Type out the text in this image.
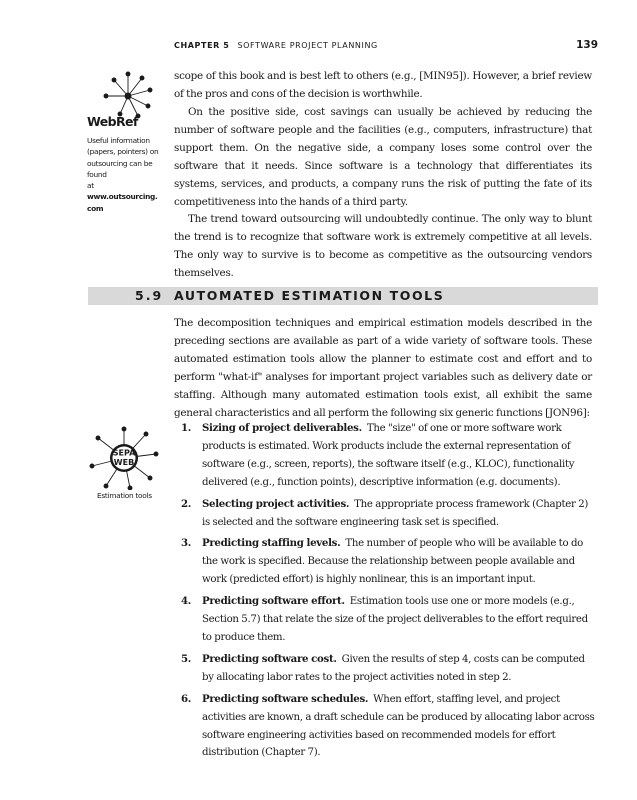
CHAPTER 5 SOFTWARE PROJECT PLANNING	139
WebRef
Useful information
(papers, pointers) on
outsourcing can be found
at
www.outsourcing.
com

scope of this book and is best left to others (e.g., [MIN95]). However, a brief review of the pros and cons of the decision is worthwhile.

On the positive side, cost savings can usually be achieved by reducing the number of software people and the facilities (e.g., computers, infrastructure) that support them. On the negative side, a company loses some control over the software that it needs. Since software is a technology that differentiates its systems, services, and products, a company runs the risk of putting the fate of its competitiveness into the hands of a third party.

The trend toward outsourcing will undoubtedly continue. The only way to blunt the trend is to recognize that software work is extremely competitive at all levels. The only way to survive is to become as competitive as the outsourcing vendors themselves.

5.9 AUTOMATED ESTIMATION TOOLS

The decomposition techniques and empirical estimation models described in the preceding sections are available as part of a wide variety of software tools. These automated estimation tools allow the planner to estimate cost and effort and to perform "what-if" analyses for important project variables such as delivery date or staffing. Although many automated estimation tools exist, all exhibit the same general characteristics and all perform the following six generic functions [JON96]:

SEPA
WEB
Estimation tools
1. Sizing of project deliverables. The "size" of one or more software work products is estimated. Work products include the external representation of software (e.g., screen, reports), the software itself (e.g., KLOC), functionality delivered (e.g., function points), descriptive information (e.g. documents).
2. Selecting project activities. The appropriate process framework (Chapter 2) is selected and the software engineering task set is specified.
3. Predicting staffing levels. The number of people who will be available to do the work is specified. Because the relationship between people available and work (predicted effort) is highly nonlinear, this is an important input.
4. Predicting software effort. Estimation tools use one or more models (e.g., Section 5.7) that relate the size of the project deliverables to the effort required to produce them.
5. Predicting software cost. Given the results of step 4, costs can be computed by allocating labor rates to the project activities noted in step 2.
6. Predicting software schedules. When effort, staffing level, and project activities are known, a draft schedule can be produced by allocating labor across software engineering activities based on recommended models for effort distribution (Chapter 7).
